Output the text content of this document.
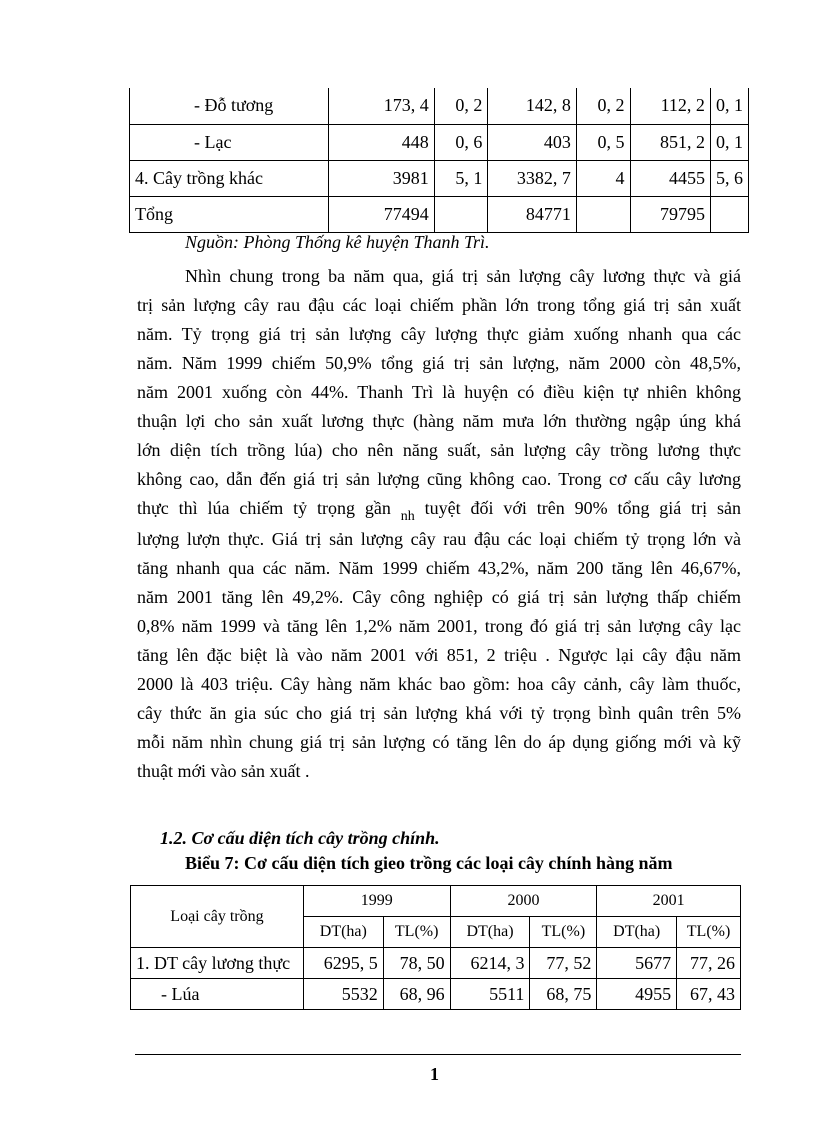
- Đỗ tương	173, 4	0, 2	142, 8	0, 2	112, 2	0, 1
- Lạc	448	0, 6	403	0, 5	851, 2	0, 1
4. Cây trồng khác	3981	5, 1	3382, 7	4	4455	5, 6
Tổng	77494		84771		79795	
Nguồn: Phòng Thống kê huyện Thanh Trì.
Nhìn chung trong ba năm qua, giá trị sản lượng cây lương thực và giá
trị sản lượng cây rau đậu các loại chiếm phần lớn trong tổng giá trị sản xuất
năm. Tỷ trọng giá trị sản lượng cây lượng thực giảm xuống nhanh qua các
năm. Năm 1999 chiếm 50,9% tổng giá trị sản lượng, năm 2000 còn 48,5%,
năm 2001 xuống còn 44%. Thanh Trì là huyện có điều kiện tự nhiên không
thuận lợi cho sản xuất lương thực (hàng năm mưa lớn thường ngập úng khá
lớn diện tích trồng lúa) cho nên năng suất, sản lượng cây trồng lương thực
không cao, dẫn đến giá trị sản lượng cũng không cao. Trong cơ cấu cây lương
thực thì lúa chiếm tỷ trọng gần $_{nh}$ tuyệt đối với trên 90% tổng giá trị sản
lượng lượn thực. Giá trị sản lượng cây rau đậu các loại chiếm tỷ trọng lớn và
tăng nhanh qua các năm. Năm 1999 chiếm 43,2%, năm 200 tăng lên 46,67%,
năm 2001 tăng lên 49,2%. Cây công nghiệp có giá trị sản lượng thấp chiếm
0,8% năm 1999 và tăng lên 1,2% năm 2001, trong đó giá trị sản lượng cây lạc
tăng lên đặc biệt là vào năm 2001 với 851, 2 triệu . Ngược lại cây đậu năm
2000 là 403 triệu. Cây hàng năm khác bao gồm: hoa cây cảnh, cây làm thuốc,
cây thức ăn gia súc cho giá trị sản lượng khá với tỷ trọng bình quân trên 5%
mỗi năm nhìn chung giá trị sản lượng có tăng lên do áp dụng giống mới và kỹ
thuật mới vào sản xuất .
1.2. Cơ cấu diện tích cây trồng chính.
Biểu 7: Cơ cấu diện tích gieo trồng các loại cây chính hàng năm
Loại cây trồng	1999		2000		2001	
	DT(ha)	TL(%)	DT(ha)	TL(%)	DT(ha)	TL(%)
1. DT cây lương thực	6295, 5	78, 50	6214, 3	77, 52	5677	77, 26
- Lúa	5532	68, 96	5511	68, 75	4955	67, 43
1
